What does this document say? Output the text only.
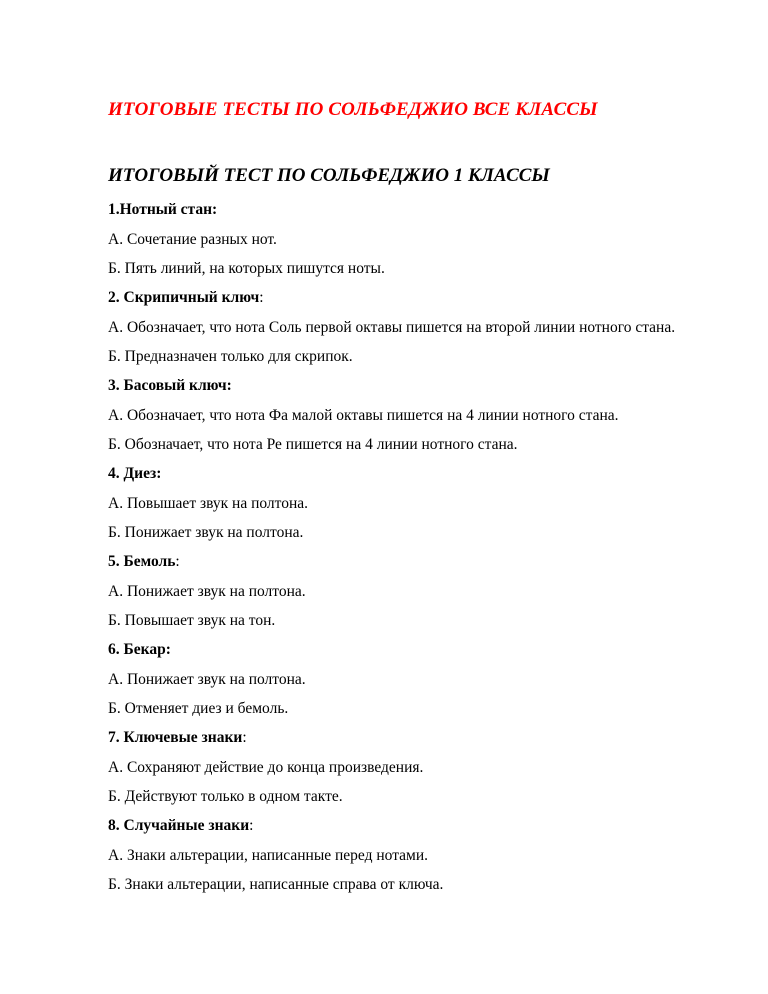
ИТОГОВЫЕ ТЕСТЫ ПО СОЛЬФЕДЖИО ВСЕ КЛАССЫ
ИТОГОВЫЙ ТЕСТ ПО СОЛЬФЕДЖИО 1 КЛАССЫ

1.Нотный стан:

А. Сочетание разных нот.

Б. Пять линий, на которых пишутся ноты.

2. Скрипичный ключ:

А. Обозначает, что нота Соль первой октавы пишется на второй линии нотного стана.

Б. Предназначен только для скрипок.

3. Басовый ключ:

А. Обозначает, что нота Фа малой октавы пишется на 4 линии нотного стана.

Б. Обозначает, что нота Ре пишется на 4 линии нотного стана.

4. Диез:

А. Повышает звук на полтона.

Б. Понижает звук на полтона.

5. Бемоль:

А. Понижает звук на полтона.

Б. Повышает звук на тон.

6. Бекар:

А. Понижает звук на полтона.

Б. Отменяет диез и бемоль.

7. Ключевые знаки:

А. Сохраняют действие до конца произведения.

Б. Действуют только в одном такте.

8. Случайные знаки:

А. Знаки альтерации, написанные перед нотами.

Б. Знаки альтерации, написанные справа от ключа.
